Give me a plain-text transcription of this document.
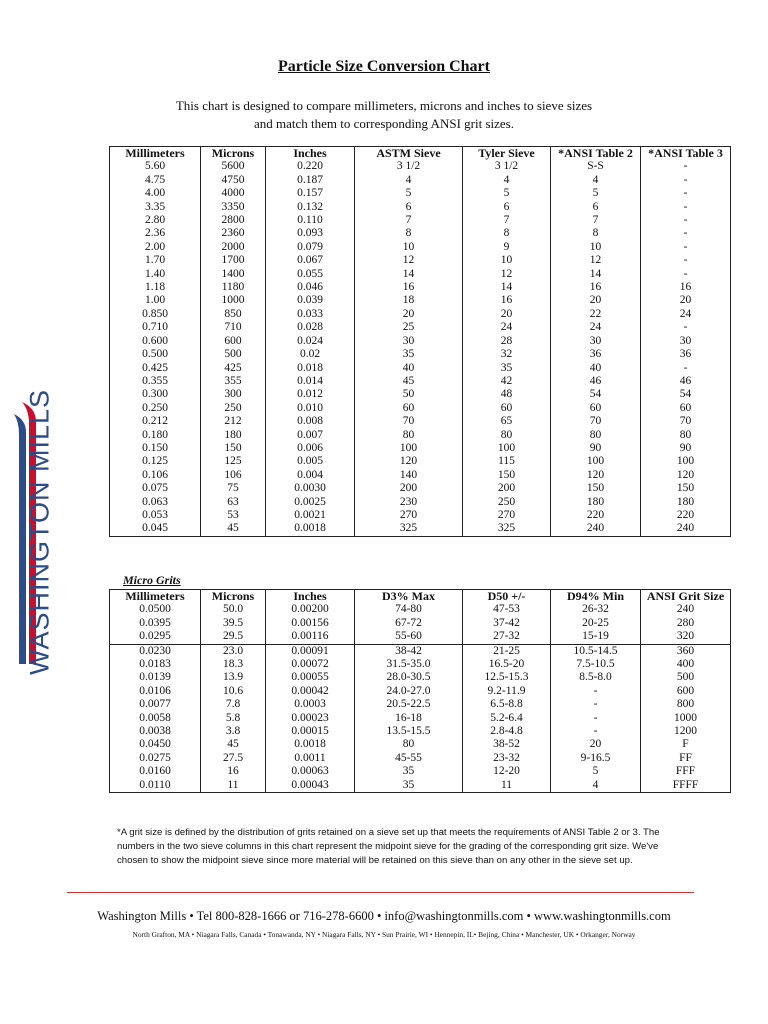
Particle Size Conversion Chart
This chart is designed to compare millimeters, microns and inches to sieve sizes
and match them to corresponding ANSI grit sizes.
WASHINGTON MILLS
Millimeters	Microns	Inches	ASTM Sieve	Tyler Sieve	*ANSI Table 2	*ANSI Table 3
5.60	5600	0.220	3 1/2	3 1/2	S-S	-
4.75	4750	0.187	4	4	4	-
4.00	4000	0.157	5	5	5	-
3.35	3350	0.132	6	6	6	-
2.80	2800	0.110	7	7	7	-
2.36	2360	0.093	8	8	8	-
2.00	2000	0.079	10	9	10	-
1.70	1700	0.067	12	10	12	-
1.40	1400	0.055	14	12	14	-
1.18	1180	0.046	16	14	16	16
1.00	1000	0.039	18	16	20	20
0.850	850	0.033	20	20	22	24
0.710	710	0.028	25	24	24	-
0.600	600	0.024	30	28	30	30
0.500	500	0.02	35	32	36	36
0.425	425	0.018	40	35	40	-
0.355	355	0.014	45	42	46	46
0.300	300	0.012	50	48	54	54
0.250	250	0.010	60	60	60	60
0.212	212	0.008	70	65	70	70
0.180	180	0.007	80	80	80	80
0.150	150	0.006	100	100	90	90
0.125	125	0.005	120	115	100	100
0.106	106	0.004	140	150	120	120
0.075	75	0.0030	200	200	150	150
0.063	63	0.0025	230	250	180	180
0.053	53	0.0021	270	270	220	220
0.045	45	0.0018	325	325	240	240
Micro Grits
Millimeters	Microns	Inches	D3% Max	D50 +/-	D94% Min	ANSI Grit Size
0.0500	50.0	0.00200	74-80	47-53	26-32	240
0.0395	39.5	0.00156	67-72	37-42	20-25	280
0.0295	29.5	0.00116	55-60	27-32	15-19	320
0.0230	23.0	0.00091	38-42	21-25	10.5-14.5	360
0.0183	18.3	0.00072	31.5-35.0	16.5-20	7.5-10.5	400
0.0139	13.9	0.00055	28.0-30.5	12.5-15.3	8.5-8.0	500
0.0106	10.6	0.00042	24.0-27.0	9.2-11.9	-	600
0.0077	7.8	0.0003	20.5-22.5	6.5-8.8	-	800
0.0058	5.8	0.00023	16-18	5.2-6.4	-	1000
0.0038	3.8	0.00015	13.5-15.5	2.8-4.8	-	1200
0.0450	45	0.0018	80	38-52	20	F
0.0275	27.5	0.0011	45-55	23-32	9-16.5	FF
0.0160	16	0.00063	35	12-20	5	FFF
0.0110	11	0.00043	35	11	4	FFFF
*A grit size is defined by the distribution of grits retained on a sieve set up that meets the requirements of ANSI Table 2 or 3. The
numbers in the two sieve columns in this chart represent the midpoint sieve for the grading of the corresponding grit size. We've
chosen to show the midpoint sieve since more material will be retained on this sieve than on any other in the sieve set up.
Washington Mills • Tel 800-828-1666 or 716-278-6600 • info@washingtonmills.com • www.washingtonmills.com
North Grafton, MA • Niagara Falls, Canada • Tonawanda, NY • Niagara Falls, NY • Sun Prairie, WI • Hennepin, IL• Bejing, China • Manchester, UK • Orkanger, Norway
